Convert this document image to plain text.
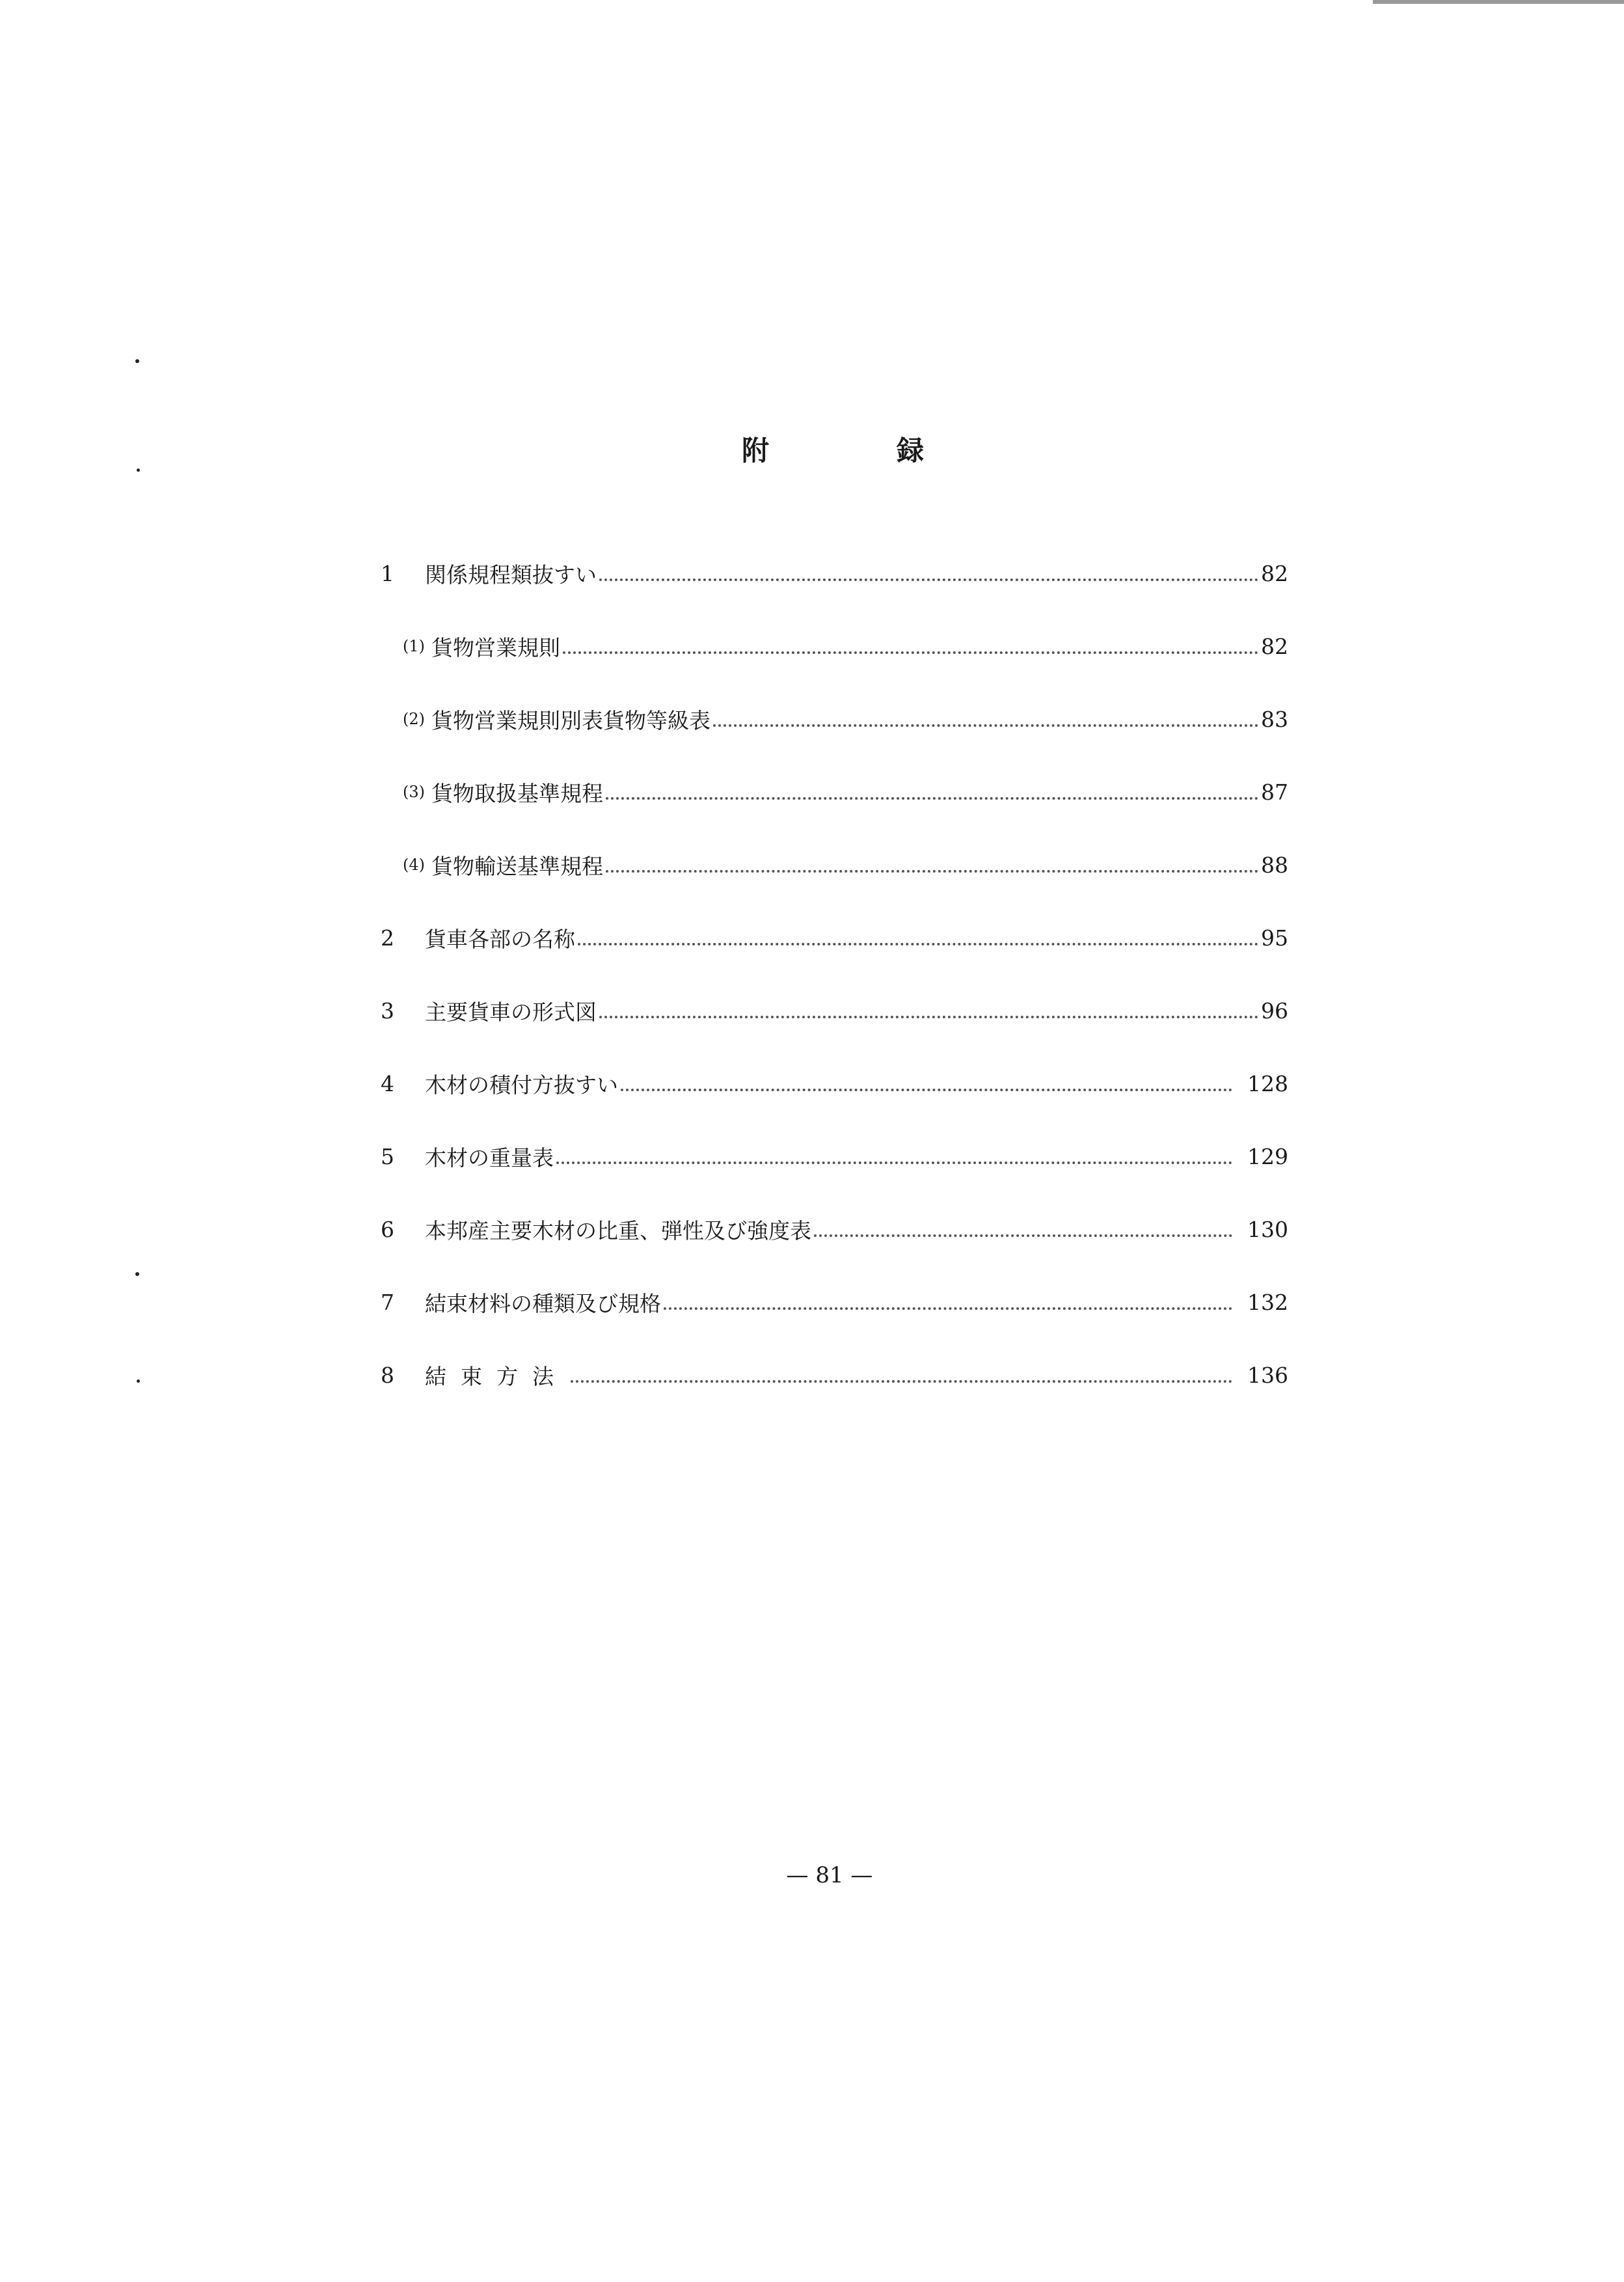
附	録
1	関係規程類抜すい	82
(1) 貨物営業規則	82
(2) 貨物営業規則別表貨物等級表	83
(3) 貨物取扱基準規程	87
(4) 貨物輸送基準規程	88
2	貨車各部の名称	95
3	主要貨車の形式図	96
4	木材の積付方抜すい	128
5	木材の重量表	129
6	本邦産主要木材の比重、弾性及び強度表	130
7	結束材料の種類及び規格	132
8	結束方法	136
— 81 —
